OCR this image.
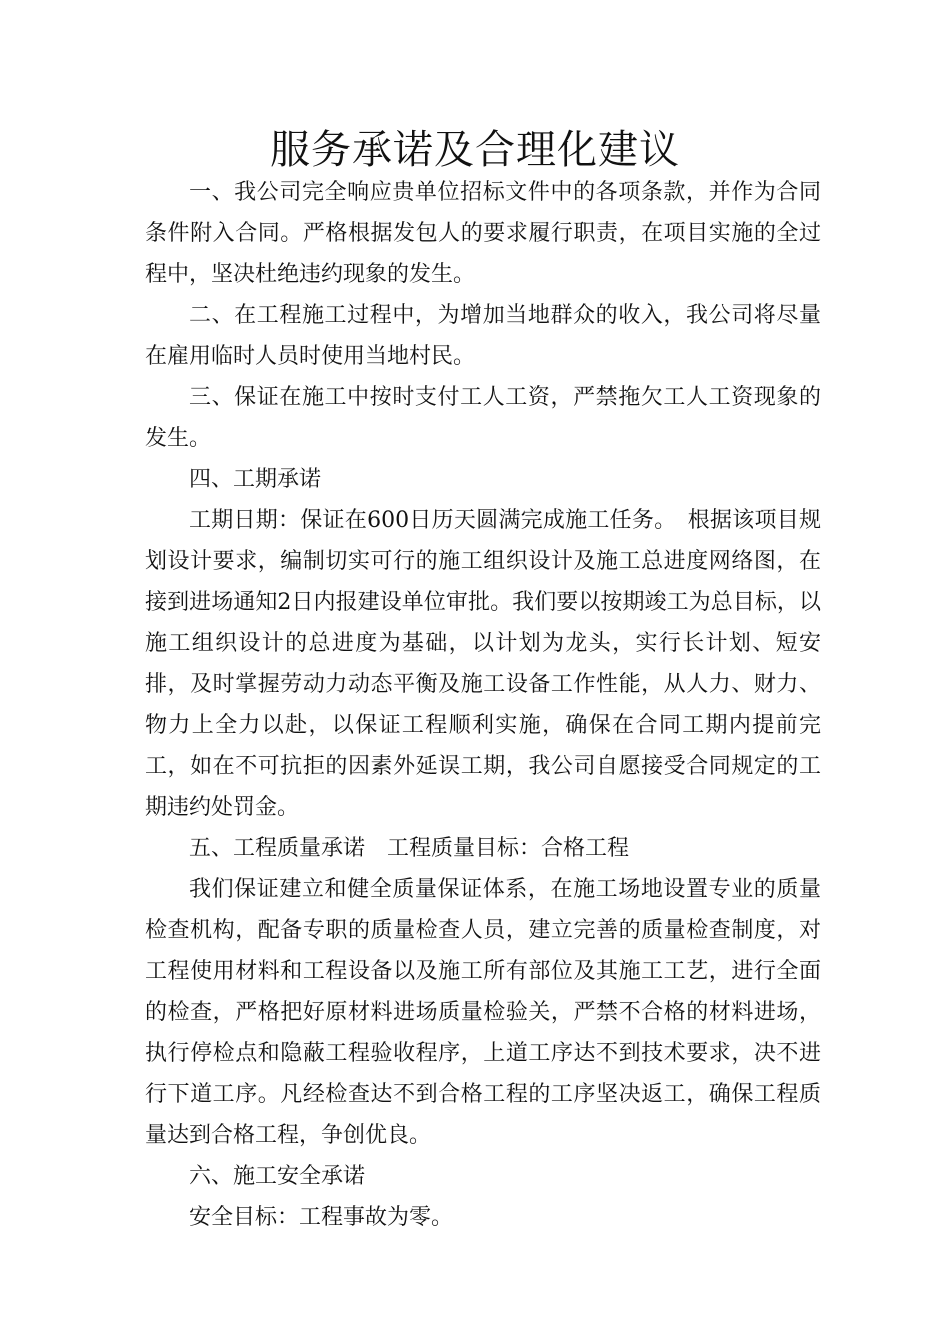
服务承诺及合理化建议

一、我公司完全响应贵单位招标文件中的各项条款，并作为合同条件附入合同。严格根据发包人的要求履行职责，在项目实施的全过程中，坚决杜绝违约现象的发生。

二、在工程施工过程中，为增加当地群众的收入，我公司将尽量在雇用临时人员时使用当地村民。

三、保证在施工中按时支付工人工资，严禁拖欠工人工资现象的发生。

四、工期承诺

工期日期：保证在600日历天圆满完成施工任务。　根据该项目规划设计要求，编制切实可行的施工组织设计及施工总进度网络图，在接到进场通知2日内报建设单位审批。我们要以按期竣工为总目标，以施工组织设计的总进度为基础，以计划为龙头，实行长计划、短安排，及时掌握劳动力动态平衡及施工设备工作性能，从人力、财力、物力上全力以赴，以保证工程顺利实施，确保在合同工期内提前完工，如在不可抗拒的因素外延误工期，我公司自愿接受合同规定的工期违约处罚金。

五、工程质量承诺　工程质量目标：合格工程

我们保证建立和健全质量保证体系，在施工场地设置专业的质量检查机构，配备专职的质量检查人员，建立完善的质量检查制度，对工程使用材料和工程设备以及施工所有部位及其施工工艺，进行全面的检查，严格把好原材料进场质量检验关，严禁不合格的材料进场，执行停检点和隐蔽工程验收程序，上道工序达不到技术要求，决不进行下道工序。凡经检查达不到合格工程的工序坚决返工，确保工程质量达到合格工程，争创优良。

六、施工安全承诺

安全目标：工程事故为零。
